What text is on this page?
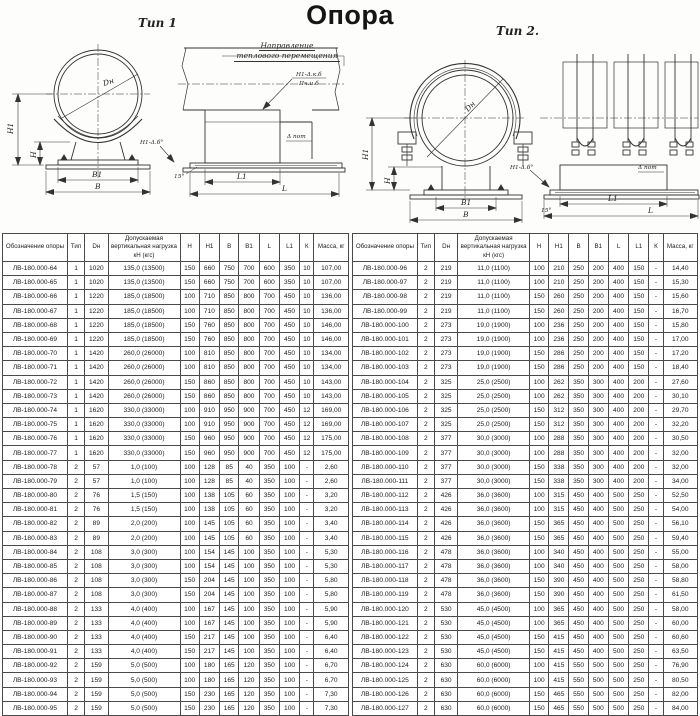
Опора
Тип 1
Тип 2.
Направление
теплового перемещения
Dн
Н1
Н
В1
В
Н1-Δ.к.б
Пч.и.б
Δ пот
15°
Н1-Δ.б°
L1
L
Dн
Н1
Н
В1
В
Н1-Δ.б°	Δ пот
15°
L1
L
Обозначение опоры	Тип	Dн	Допускаемая вертикальная нагрузка кН (кгс)	Н	Н1	В	В1	L	L1	К	Масса, кг
ЛВ-180.000-64	1	1020	135,0 (13500)	150	660	750	700	600	350	10	107,00
ЛВ-180.000-65	1	1020	135,0 (13500)	150	660	750	700	600	350	10	107,00
ЛВ-180.000-66	1	1220	185,0 (18500)	100	710	850	800	700	450	10	136,00
ЛВ-180.000-67	1	1220	185,0 (18500)	100	710	850	800	700	450	10	136,00
ЛВ-180.000-68	1	1220	185,0 (18500)	150	760	850	800	700	450	10	146,00
ЛВ-180.000-69	1	1220	185,0 (18500)	150	760	850	800	700	450	10	146,00
ЛВ-180.000-70	1	1420	260,0 (26000)	100	810	850	800	700	450	10	134,00
ЛВ-180.000-71	1	1420	260,0 (26000)	100	810	850	800	700	450	10	134,00
ЛВ-180.000-72	1	1420	260,0 (26000)	150	860	850	800	700	450	10	143,00
ЛВ-180.000-73	1	1420	260,0 (26000)	150	860	850	800	700	450	10	143,00
ЛВ-180.000-74	1	1620	330,0 (33000)	100	910	950	900	700	450	12	169,00
ЛВ-180.000-75	1	1620	330,0 (33000)	100	910	950	900	700	450	12	169,00
ЛВ-180.000-76	1	1620	330,0 (33000)	150	960	950	900	700	450	12	175,00
ЛВ-180.000-77	1	1620	330,0 (33000)	150	960	950	900	700	450	12	175,00
ЛВ-180.000-78	2	57	1,0 (100)	100	128	85	40	350	100	-	2,60
ЛВ-180.000-79	2	57	1,0 (100)	100	128	85	40	350	100	-	2,60
ЛВ-180.000-80	2	76	1,5 (150)	100	138	105	60	350	100	-	3,20
ЛВ-180.000-81	2	76	1,5 (150)	100	138	105	60	350	100	-	3,20
ЛВ-180.000-82	2	89	2,0 (200)	100	145	105	60	350	100	-	3,40
ЛВ-180.000-83	2	89	2,0 (200)	100	145	105	60	350	100	-	3,40
ЛВ-180.000-84	2	108	3,0 (300)	100	154	145	100	350	100	-	5,30
ЛВ-180.000-85	2	108	3,0 (300)	100	154	145	100	350	100	-	5,30
ЛВ-180.000-86	2	108	3,0 (300)	150	204	145	100	350	100	-	5,80
ЛВ-180.000-87	2	108	3,0 (300)	150	204	145	100	350	100	-	5,80
ЛВ-180.000-88	2	133	4,0 (400)	100	167	145	100	350	100	-	5,90
ЛВ-180.000-89	2	133	4,0 (400)	100	167	145	100	350	100	-	5,90
ЛВ-180.000-90	2	133	4,0 (400)	150	217	145	100	350	100	-	6,40
ЛВ-180.000-91	2	133	4,0 (400)	150	217	145	100	350	100	-	6,40
ЛВ-180.000-92	2	159	5,0 (500)	100	180	165	120	350	100	-	6,70
ЛВ-180.000-93	2	159	5,0 (500)	100	180	165	120	350	100	-	6,70
ЛВ-180.000-94	2	159	5,0 (500)	150	230	165	120	350	100	-	7,30
ЛВ-180.000-95	2	159	5,0 (500)	150	230	165	120	350	100	-	7,30
Обозначение опоры	Тип	Dн	Допускаемая вертикальная нагрузка кН (кгс)	Н	Н1	В	В1	L	L1	К	Масса, кг
ЛВ-180.000-96	2	219	11,0 (1100)	100	210	250	200	400	150	-	14,40
ЛВ-180.000-97	2	219	11,0 (1100)	100	210	250	200	400	150	-	15,30
ЛВ-180.000-98	2	219	11,0 (1100)	150	260	250	200	400	150	-	15,60
ЛВ-180.000-99	2	219	11,0 (1100)	150	260	250	200	400	150	-	16,70
ЛВ-180.000-100	2	273	19,0 (1900)	100	236	250	200	400	150	-	15,80
ЛВ-180.000-101	2	273	19,0 (1900)	100	236	250	200	400	150	-	17,00
ЛВ-180.000-102	2	273	19,0 (1900)	150	286	250	200	400	150	-	17,20
ЛВ-180.000-103	2	273	19,0 (1900)	150	286	250	200	400	150	-	18,40
ЛВ-180.000-104	2	325	25,0 (2500)	100	262	350	300	400	200	-	27,60
ЛВ-180.000-105	2	325	25,0 (2500)	100	262	350	300	400	200	-	30,10
ЛВ-180.000-106	2	325	25,0 (2500)	150	312	350	300	400	200	-	29,70
ЛВ-180.000-107	2	325	25,0 (2500)	150	312	350	300	400	200	-	32,20
ЛВ-180.000-108	2	377	30,0 (3000)	100	288	350	300	400	200	-	30,50
ЛВ-180.000-109	2	377	30,0 (3000)	100	288	350	300	400	200	-	32,00
ЛВ-180.000-110	2	377	30,0 (3000)	150	338	350	300	400	200	-	32,00
ЛВ-180.000-111	2	377	30,0 (3000)	150	338	350	300	400	200	-	34,00
ЛВ-180.000-112	2	426	36,0 (3600)	100	315	450	400	500	250	-	52,50
ЛВ-180.000-113	2	426	36,0 (3600)	100	315	450	400	500	250	-	54,00
ЛВ-180.000-114	2	426	36,0 (3600)	150	365	450	400	500	250	-	56,10
ЛВ-180.000-115	2	426	36,0 (3600)	150	365	450	400	500	250	-	59,40
ЛВ-180.000-116	2	478	36,0 (3600)	100	340	450	400	500	250	-	55,00
ЛВ-180.000-117	2	478	36,0 (3600)	100	340	450	400	500	250	-	58,00
ЛВ-180.000-118	2	478	36,0 (3600)	150	390	450	400	500	250	-	58,80
ЛВ-180.000-119	2	478	36,0 (3600)	150	390	450	400	500	250	-	61,50
ЛВ-180.000-120	2	530	45,0 (4500)	100	365	450	400	500	250	-	58,00
ЛВ-180.000-121	2	530	45,0 (4500)	100	365	450	400	500	250	-	60,00
ЛВ-180.000-122	2	530	45,0 (4500)	150	415	450	400	500	250	-	60,60
ЛВ-180.000-123	2	530	45,0 (4500)	150	415	450	400	500	250	-	63,50
ЛВ-180.000-124	2	630	60,0 (6000)	100	415	550	500	500	250	-	76,90
ЛВ-180.000-125	2	630	60,0 (6000)	100	415	550	500	500	250	-	80,50
ЛВ-180.000-126	2	630	60,0 (6000)	150	465	550	500	500	250	-	82,00
ЛВ-180.000-127	2	630	60,0 (6000)	150	465	550	500	500	250	-	84,00
